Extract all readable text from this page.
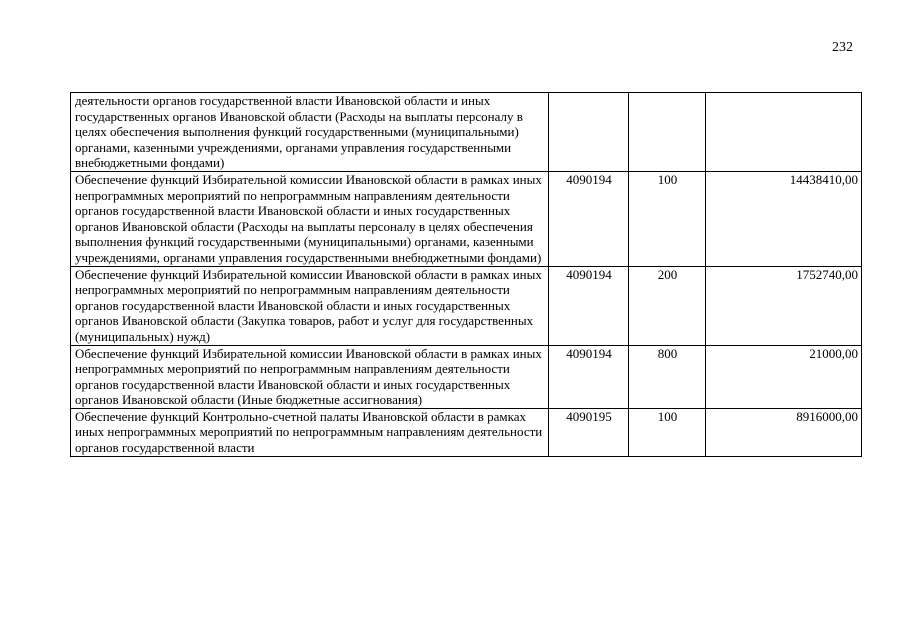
232
деятельности органов государственной власти Ивановской области и иных государственных органов Ивановской области (Расходы на выплаты персоналу в целях обеспечения выполнения функций государственными (муниципальными) органами, казенными учреждениями, органами управления государственными внебюджетными фондами)			
Обеспечение функций Избирательной комиссии Ивановской области в рамках иных непрограммных мероприятий по непрограммным направлениям деятельности органов государственной власти Ивановской области и иных государственных органов Ивановской области (Расходы на выплаты персоналу в целях обеспечения выполнения функций государственными (муниципальными) органами, казенными учреждениями, органами управления государственными внебюджетными фондами)	4090194	100	14438410,00
Обеспечение функций Избирательной комиссии Ивановской области в рамках иных непрограммных мероприятий по непрограммным направлениям деятельности органов государственной власти Ивановской области и иных государственных органов Ивановской области (Закупка товаров, работ и услуг для государственных (муниципальных) нужд)	4090194	200	1752740,00
Обеспечение функций Избирательной комиссии Ивановской области в рамках иных непрограммных мероприятий по непрограммным направлениям деятельности органов государственной власти Ивановской области и иных государственных органов Ивановской области (Иные бюджетные ассигнования)	4090194	800	21000,00
Обеспечение функций Контрольно-счетной палаты Ивановской области в рамках иных непрограммных мероприятий по непрограммным направлениям деятельности органов государственной власти	4090195	100	8916000,00
